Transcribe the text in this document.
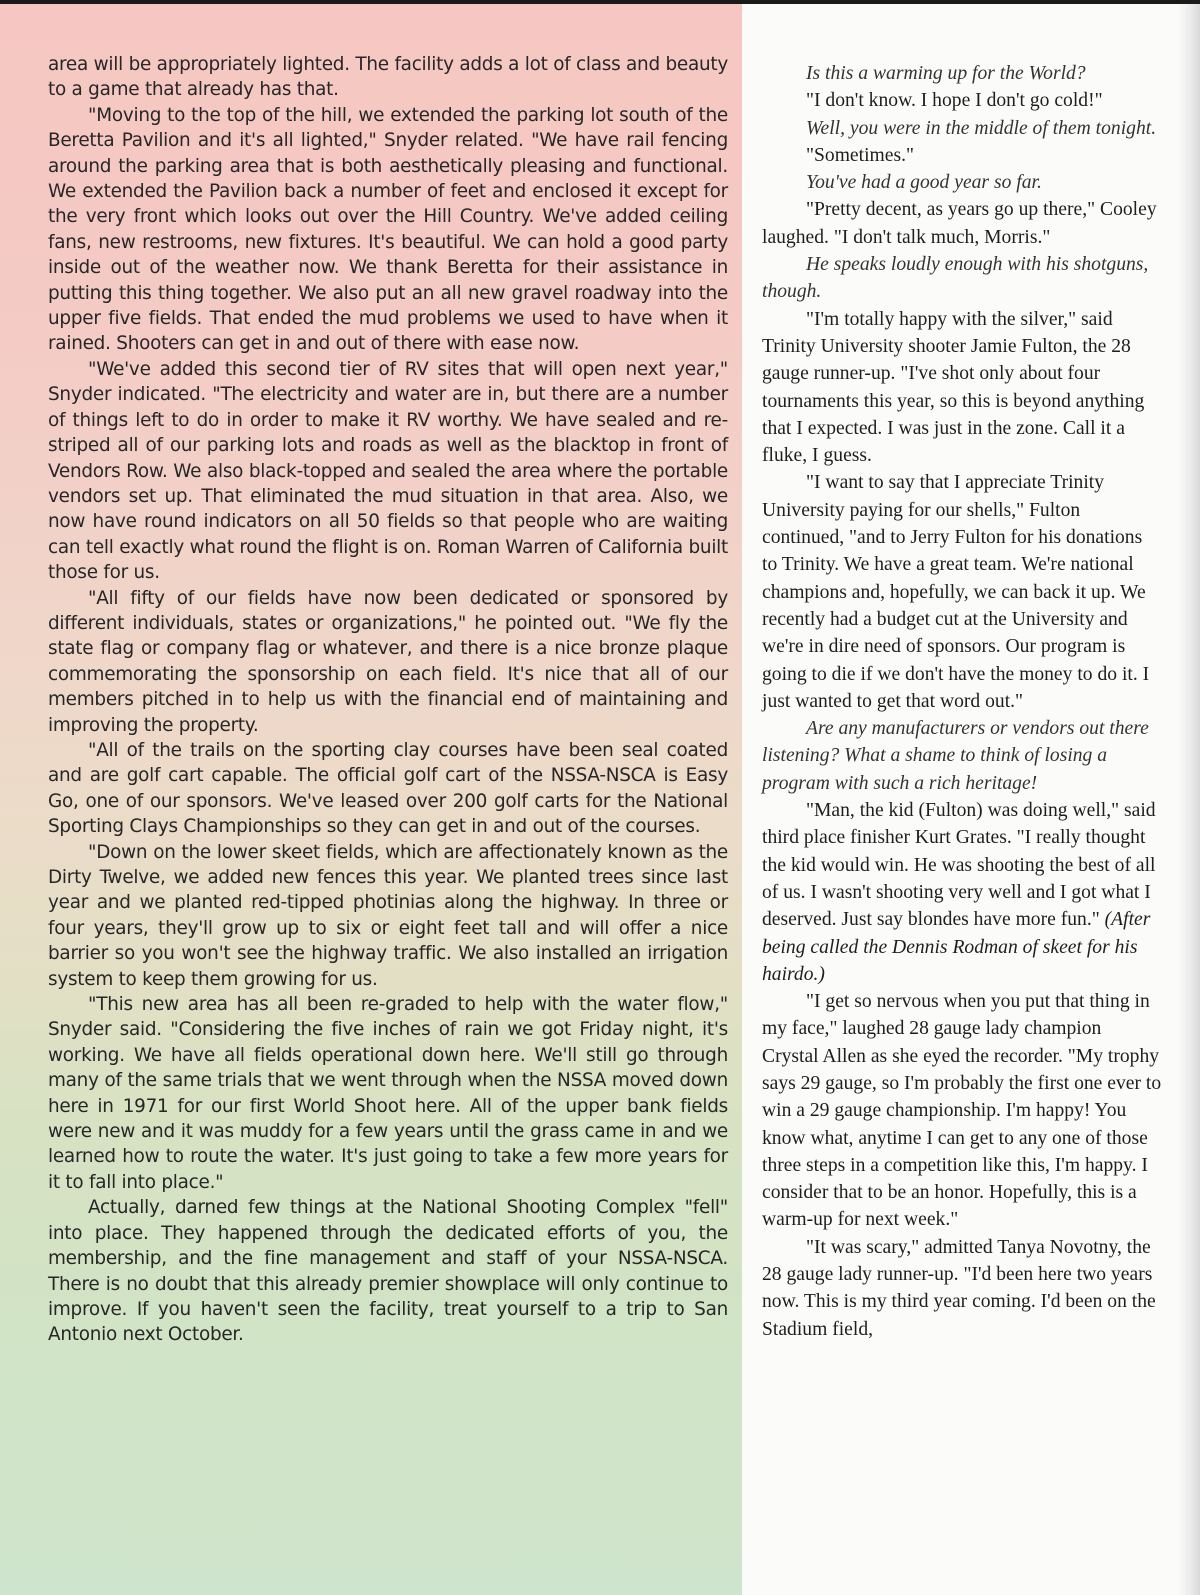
area will be appropriately lighted. The facility adds a lot of class and beauty to a game that already has that.

"Moving to the top of the hill, we extended the parking lot south of the Beretta Pavilion and it's all lighted," Snyder related. "We have rail fencing around the parking area that is both aesthetically pleasing and functional. We extended the Pavilion back a number of feet and enclosed it except for the very front which looks out over the Hill Country. We've added ceiling fans, new restrooms, new fixtures. It's beautiful. We can hold a good party inside out of the weather now. We thank Beretta for their assistance in putting this thing together. We also put an all new gravel roadway into the upper five fields. That ended the mud problems we used to have when it rained. Shooters can get in and out of there with ease now.

"We've added this second tier of RV sites that will open next year," Snyder indicated. "The electricity and water are in, but there are a number of things left to do in order to make it RV worthy. We have sealed and re-striped all of our parking lots and roads as well as the blacktop in front of Vendors Row. We also black-topped and sealed the area where the portable vendors set up. That eliminated the mud situation in that area. Also, we now have round indicators on all 50 fields so that people who are waiting can tell exactly what round the flight is on. Roman Warren of California built those for us.

"All fifty of our fields have now been dedicated or sponsored by different individuals, states or organizations," he pointed out. "We fly the state flag or company flag or whatever, and there is a nice bronze plaque commemorating the sponsorship on each field. It's nice that all of our members pitched in to help us with the financial end of maintaining and improving the property.

"All of the trails on the sporting clay courses have been seal coated and are golf cart capable. The official golf cart of the NSSA-NSCA is Easy Go, one of our sponsors. We've leased over 200 golf carts for the National Sporting Clays Championships so they can get in and out of the courses.

"Down on the lower skeet fields, which are affectionately known as the Dirty Twelve, we added new fences this year. We planted trees since last year and we planted red-tipped photinias along the highway. In three or four years, they'll grow up to six or eight feet tall and will offer a nice barrier so you won't see the highway traffic. We also installed an irrigation system to keep them growing for us.

"This new area has all been re-graded to help with the water flow," Snyder said. "Considering the five inches of rain we got Friday night, it's working. We have all fields operational down here. We'll still go through many of the same trials that we went through when the NSSA moved down here in 1971 for our first World Shoot here. All of the upper bank fields were new and it was muddy for a few years until the grass came in and we learned how to route the water. It's just going to take a few more years for it to fall into place."

Actually, darned few things at the National Shooting Complex "fell" into place. They happened through the dedicated efforts of you, the membership, and the fine management and staff of your NSSA-NSCA. There is no doubt that this already premier showplace will only continue to improve. If you haven't seen the facility, treat yourself to a trip to San Antonio next October.

Is this a warming up for the World?

"I don't know. I hope I don't go cold!"

Well, you were in the middle of them tonight.

"Sometimes."

You've had a good year so far.

"Pretty decent, as years go up there," Cooley laughed. "I don't talk much, Morris."

He speaks loudly enough with his shotguns, though.

"I'm totally happy with the silver," said Trinity University shooter Jamie Fulton, the 28 gauge runner-up. "I've shot only about four tournaments this year, so this is beyond anything that I expected. I was just in the zone. Call it a fluke, I guess.

"I want to say that I appreciate Trinity University paying for our shells," Fulton continued, "and to Jerry Fulton for his donations to Trinity. We have a great team. We're national champions and, hopefully, we can back it up. We recently had a budget cut at the University and we're in dire need of sponsors. Our program is going to die if we don't have the money to do it. I just wanted to get that word out."

Are any manufacturers or vendors out there listening? What a shame to think of losing a program with such a rich heritage!

"Man, the kid (Fulton) was doing well," said third place finisher Kurt Grates. "I really thought the kid would win. He was shooting the best of all of us. I wasn't shooting very well and I got what I deserved. Just say blondes have more fun." (After being called the Dennis Rodman of skeet for his hairdo.)

"I get so nervous when you put that thing in my face," laughed 28 gauge lady champion Crystal Allen as she eyed the recorder. "My trophy says 29 gauge, so I'm probably the first one ever to win a 29 gauge championship. I'm happy! You know what, anytime I can get to any one of those three steps in a competition like this, I'm happy. I consider that to be an honor. Hopefully, this is a warm-up for next week."

"It was scary," admitted Tanya Novotny, the 28 gauge lady runner-up. "I'd been here two years now. This is my third year coming. I'd been on the Stadium field,
